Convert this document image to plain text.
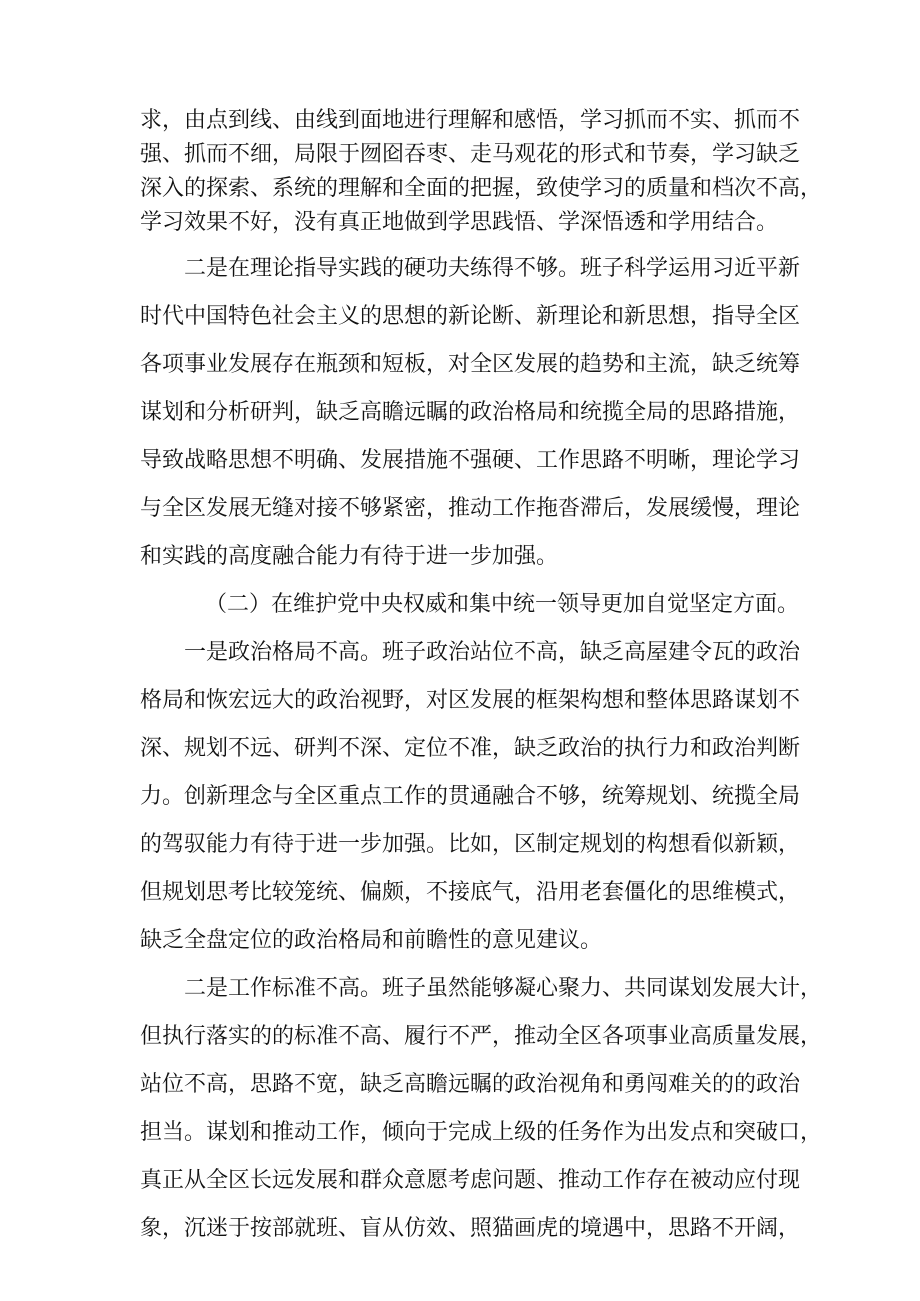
求，由点到线、由线到面地进行理解和感悟，学习抓而不实、抓而不
强、抓而不细，局限于囫囵吞枣、走马观花的形式和节奏，学习缺乏
深入的探索、系统的理解和全面的把握，致使学习的质量和档次不高，
学习效果不好，没有真正地做到学思践悟、学深悟透和学用结合。
二是在理论指导实践的硬功夫练得不够。班子科学运用习近平新
时代中国特色社会主义的思想的新论断、新理论和新思想，指导全区
各项事业发展存在瓶颈和短板，对全区发展的趋势和主流，缺乏统筹
谋划和分析研判，缺乏高瞻远瞩的政治格局和统揽全局的思路措施，
导致战略思想不明确、发展措施不强硬、工作思路不明晰，理论学习
与全区发展无缝对接不够紧密，推动工作拖沓滞后，发展缓慢，理论
和实践的高度融合能力有待于进一步加强。
（二）在维护党中央权威和集中统一领导更加自觉坚定方面。
一是政治格局不高。班子政治站位不高，缺乏高屋建令瓦的政治
格局和恢宏远大的政治视野，对区发展的框架构想和整体思路谋划不
深、规划不远、研判不深、定位不准，缺乏政治的执行力和政治判断
力。创新理念与全区重点工作的贯通融合不够，统筹规划、统揽全局
的驾驭能力有待于进一步加强。比如，区制定规划的构想看似新颖，
但规划思考比较笼统、偏颇，不接底气，沿用老套僵化的思维模式，
缺乏全盘定位的政治格局和前瞻性的意见建议。
二是工作标准不高。班子虽然能够凝心聚力、共同谋划发展大计，
但执行落实的的标准不高、履行不严，推动全区各项事业高质量发展，
站位不高，思路不宽，缺乏高瞻远瞩的政治视角和勇闯难关的的政治
担当。谋划和推动工作，倾向于完成上级的任务作为出发点和突破口，
真正从全区长远发展和群众意愿考虑问题、推动工作存在被动应付现
象，沉迷于按部就班、盲从仿效、照猫画虎的境遇中，思路不开阔，
